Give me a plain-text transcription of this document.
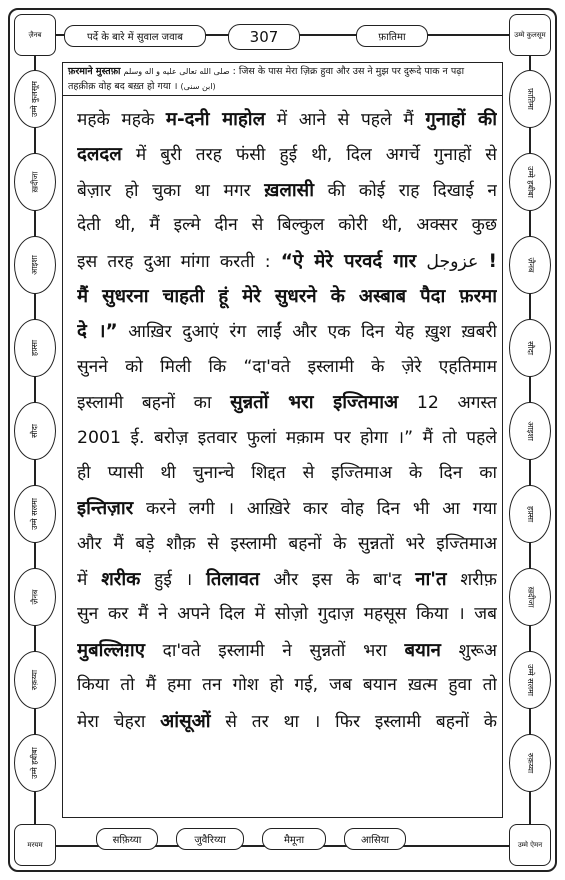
ज़ैनब	उम्मे कुलसूम
मरयम	उम्मे ऐमन
पर्दे के बारे में सुवाल जवाब	307	फ़ातिमा
उम्मे कुलसूम
ख़दीजा
आइशा
हफ़्सा
सौदा
उम्मे सलमा
ज़ैनब
रुक़य्या
उम्मे हबीबा
फ़ातिमा
उम्मे हबीबा
ज़ैनब
सौदा
आइशा
हफ़्सा
ख़दीजा
उम्मे सलमा
रुक़य्या
सफ़िय्या	जुवैरिय्या	मैमूना	आसिया
फ़रमाने मुस्तफ़ा صلى الله تعالى عليه و اله وسلم : जिस के पास मेरा ज़िक्र हुवा और उस ने मुझ पर दुरूदे पाक न पढ़ा
तहक़ीक़ वोह बद बख़्त हो गया । (ابن سنی)
महके महके म-दनी माहोल में आने से पहले मैं गुनाहों की
दलदल में बुरी तरह फंसी हुई थी, दिल अगर्चे गुनाहों से
बेज़ार हो चुका था मगर ख़लासी की कोई राह दिखाई न
देती थी, मैं इल्मे दीन से बिल्कुल कोरी थी, अक्सर कुछ
इस तरह दुआ मांगा करती : “ऐ मेरे परवर्द गार عزوجل !
मैं सुधरना चाहती हूं मेरे सुधरने के अस्बाब पैदा फ़रमा
दे ।” आख़िर दुआएं रंग लाईं और एक दिन येह ख़ुश ख़बरी
सुनने को मिली कि “दा'वते इस्लामी के ज़ेरे एहतिमाम
इस्लामी बहनों का सुन्नतों भरा इज्तिमाअ 12 अगस्त
2001 ई. बरोज़ इतवार फुलां मक़ाम पर होगा ।” मैं तो पहले
ही प्यासी थी चुनान्चे शिद्दत से इज्तिमाअ के दिन का
इन्तिज़ार करने लगी । आख़िरे कार वोह दिन भी आ गया
और मैं बड़े शौक़ से इस्लामी बहनों के सुन्नतों भरे इज्तिमाअ
में शरीक हुई । तिलावत और इस के बा'द ना'त शरीफ़
सुन कर मैं ने अपने दिल में सोज़ो गुदाज़ महसूस किया । जब
मुबल्लिग़ए दा'वते इस्लामी ने सुन्नतों भरा बयान शुरूअ
किया तो मैं हमा तन गोश हो गई, जब बयान ख़त्म हुवा तो
मेरा चेहरा आंसूओं से तर था । फिर इस्लामी बहनों के
